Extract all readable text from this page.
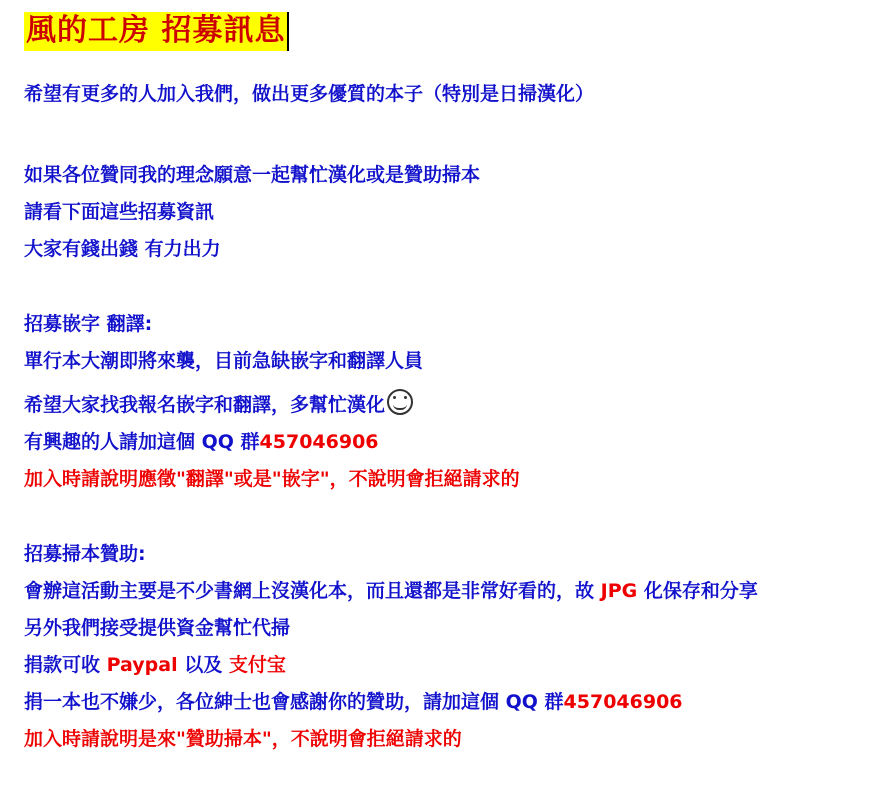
風的工房 招募訊息
希望有更多的人加入我們，做出更多優質的本子（特別是日掃漢化）
如果各位贊同我的理念願意一起幫忙漢化或是贊助掃本
請看下面這些招募資訊
大家有錢出錢 有力出力
招募嵌字 翻譯:
單行本大潮即將來襲，目前急缺嵌字和翻譯人員
希望大家找我報名嵌字和翻譯，多幫忙漢化
有興趣的人請加這個 QQ 群457046906
加入時請說明應徵"翻譯"或是"嵌字"，不說明會拒絕請求的
招募掃本贊助:
會辦這活動主要是不少書網上沒漢化本，而且還都是非常好看的，故 JPG 化保存和分享
另外我們接受提供資金幫忙代掃
捐款可收 Paypal 以及 支付宝
捐一本也不嫌少，各位紳士也會感謝你的贊助，請加這個 QQ 群457046906
加入時請說明是來"贊助掃本"，不說明會拒絕請求的
